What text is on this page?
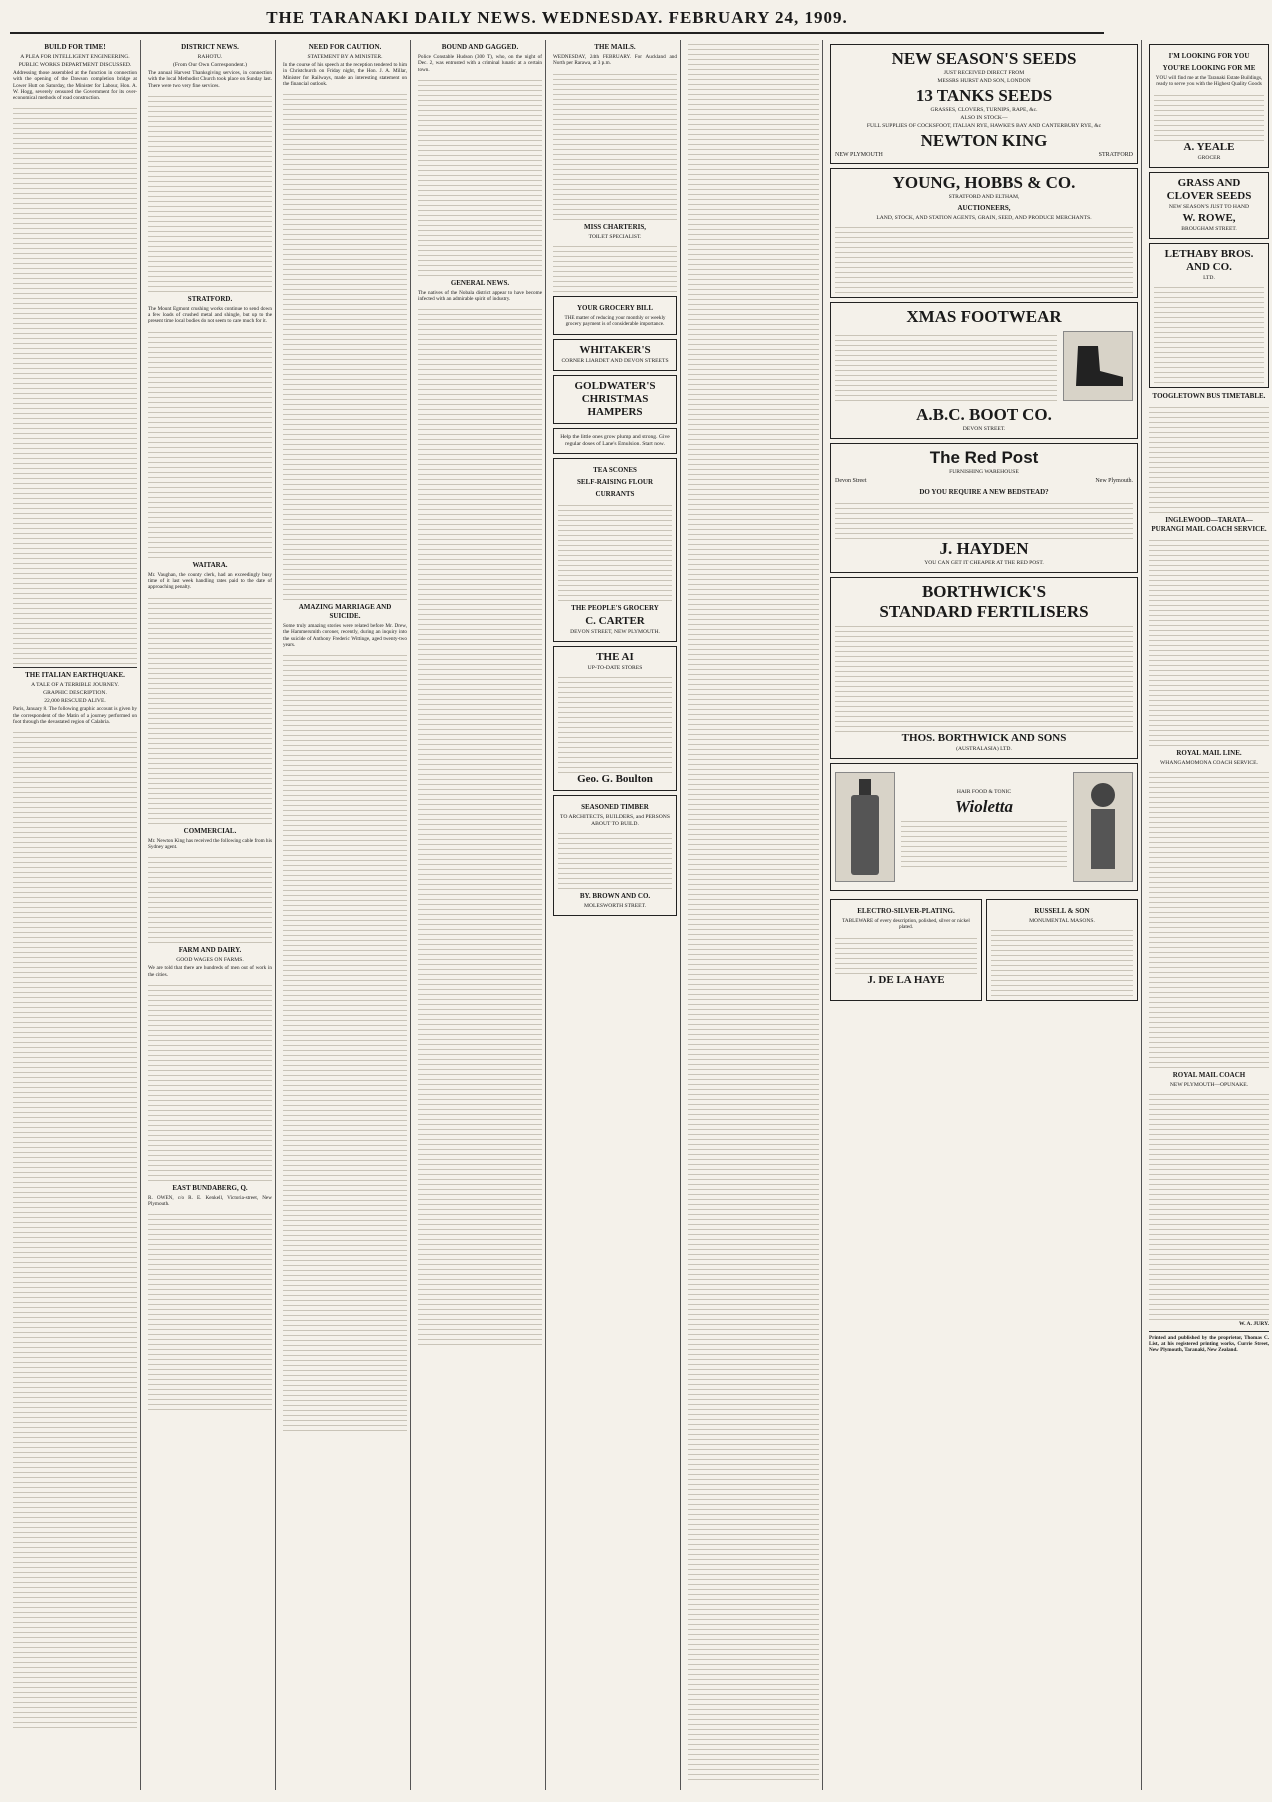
THE TARANAKI DAILY NEWS. WEDNESDAY. FEBRUARY 24, 1909.
BUILD FOR TIME!
A PLEA FOR INTELLIGENT ENGINEERING.
PUBLIC WORKS DEPARTMENT DISCUSSED.

Addressing those assembled at the function in connection with the opening of the Dawson completion bridge at Lower Hutt on Saturday, the Minister for Labour, Hon. A. W. Hogg, severely censured the Government for its over-economical methods of road construction.

THE ITALIAN EARTHQUAKE.
A TALE OF A TERRIBLE JOURNEY.
GRAPHIC DESCRIPTION.
22,000 RESCUED ALIVE.

Paris, January 8. The following graphic account is given by the correspondent of the Matin of a journey performed on foot through the devastated region of Calabria.

DISTRICT NEWS.
RAHOTU.
(From Our Own Correspondent.)

The annual Harvest Thanksgiving services, in connection with the local Methodist Church took place on Sunday last. There were two very fine services.

STRATFORD.

The Mount Egmont crushing works continue to send down a few loads of crushed metal and shingle, but up to the present time local bodies do not seem to care much for it.

WAITARA.

Mr. Vaughan, the county clerk, had an exceedingly busy time of it last week handling rates paid to the date of approaching penalty.

COMMERCIAL.

Mr. Newton King has received the following cable from his Sydney agent.

FARM AND DAIRY.
GOOD WAGES ON FARMS.

We are told that there are hundreds of men out of work in the cities.

EAST BUNDABERG, Q.

R. OWEN, c/o R. E. Kenkell, Victoria-street, New Plymouth.

NEED FOR CAUTION.
STATEMENT BY A MINISTER.

In the course of his speech at the reception tendered to him in Christchurch on Friday night, the Hon. J. A. Millar, Minister for Railways, made an interesting statement on the financial outlook.

AMAZING MARRIAGE AND SUICIDE.

Some truly amazing stories were related before Mr. Drew, the Hammersmith coroner, recently, during an inquiry into the suicide of Anthony Frederic Wittinge, aged twenty-two years.

BOUND AND GAGGED.

Police Constable Hudson (300 T), who, on the night of Dec. 2, was entrusted with a criminal lunatic at a certain town.

GENERAL NEWS.

The natives of the Nobala district appear to have become infected with an admirable spirit of industry.

THE MAILS.

WEDNESDAY, 24th FEBRUARY. For Auckland and North per Rarawa, at 3 p.m.

MISS CHARTERIS,
TOILET SPECIALIST.
YOUR GROCERY BILL

THE matter of reducing your monthly or weekly grocery payment is of considerable importance.

WHITAKER'S
CORNER LIARDET AND DEVON STREETS
GOLDWATER'S
CHRISTMAS HAMPERS
Help the little ones grow plump and strong. Give regular doses of Lane's Emulsion. Start now.
TEA SCONES
SELF-RAISING FLOUR
CURRANTS
THE PEOPLE'S GROCERY
C. CARTER
DEVON STREET, NEW PLYMOUTH.
THE AI
UP-TO-DATE STORES
Geo. G. Boulton
SEASONED TIMBER
TO ARCHITECTS, BUILDERS, and PERSONS ABOUT TO BUILD.
BY. BROWN AND CO.
MOLESWORTH STREET.
NEW SEASON'S SEEDS
JUST RECEIVED DIRECT FROM
MESSRS HURST AND SON, LONDON
13 TANKS SEEDS
GRASSES, CLOVERS, TURNIPS, RAPE, &c.
ALSO IN STOCK—
FULL SUPPLIES OF COCKSFOOT, ITALIAN RYE, HAWKE'S BAY AND CANTERBURY RYE, &c
NEWTON KING
NEW PLYMOUTH	STRATFORD
YOUNG, HOBBS & CO.
STRATFORD AND ELTHAM,
AUCTIONEERS,
LAND, STOCK, AND STATION AGENTS, GRAIN, SEED, AND PRODUCE MERCHANTS.
XMAS FOOTWEAR
A.B.C. BOOT CO.
DEVON STREET.
The Red Post
FURNISHING WAREHOUSE
Devon Street	New Plymouth.
DO YOU REQUIRE A NEW BEDSTEAD?
J. HAYDEN
YOU CAN GET IT CHEAPER AT THE RED POST.
BORTHWICK'S
STANDARD FERTILISERS
THOS. BORTHWICK AND SONS
(AUSTRALASIA) LTD.
HAIR FOOD & TONIC
Wioletta
ELECTRO-SILVER-PLATING.

TABLEWARE of every description, polished, silver or nickel plated.

J. DE LA HAYE
RUSSELL & SON
MONUMENTAL MASONS.
I'M LOOKING FOR YOU
YOU'RE LOOKING FOR ME

YOU will find me at the Taranaki Estate Buildings, ready to serve you with the Highest Quality Goods

A. YEALE
GROCER
GRASS AND CLOVER SEEDS
NEW SEASON'S JUST TO HAND
W. ROWE,
BROUGHAM STREET.
LETHABY BROS. AND CO.
LTD.
TOOGLETOWN BUS TIMETABLE.
INGLEWOOD—TARATA—PURANGI MAIL COACH SERVICE.
ROYAL MAIL LINE.
WHANGAMOMONA COACH SERVICE.
ROYAL MAIL COACH
NEW PLYMOUTH—OPUNAKE.
W. A. JURY.

Printed and published by the proprietor, Thomas C. List, at his registered printing works, Currie Street, New Plymouth, Taranaki, New Zealand.
